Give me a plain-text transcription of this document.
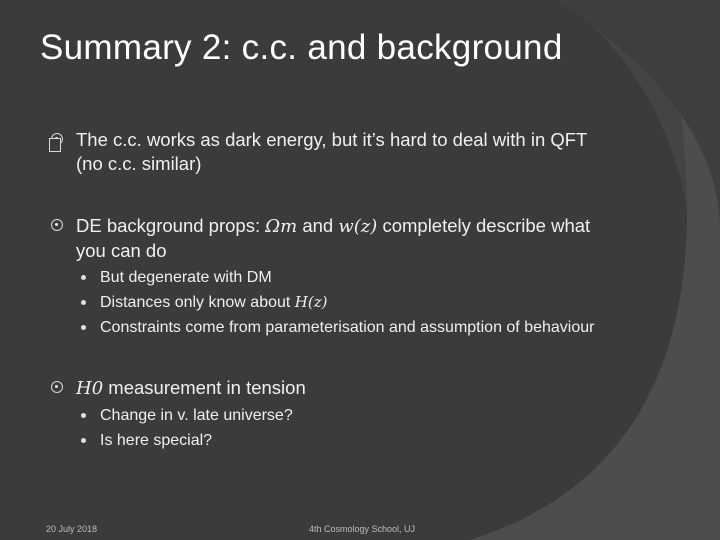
Summary 2: c.c. and background
The c.c. works as dark energy, but it’s hard to deal with in QFT (no c.c. similar)
DE background props: Ωm and w(z) completely describe what you can do
But degenerate with DM
Distances only know about H(z)
Constraints come from parameterisation and assumption of behaviour
H0 measurement in tension
Change in v. late universe?
Is here special?
20 July 2018	4th Cosmology School, UJ
